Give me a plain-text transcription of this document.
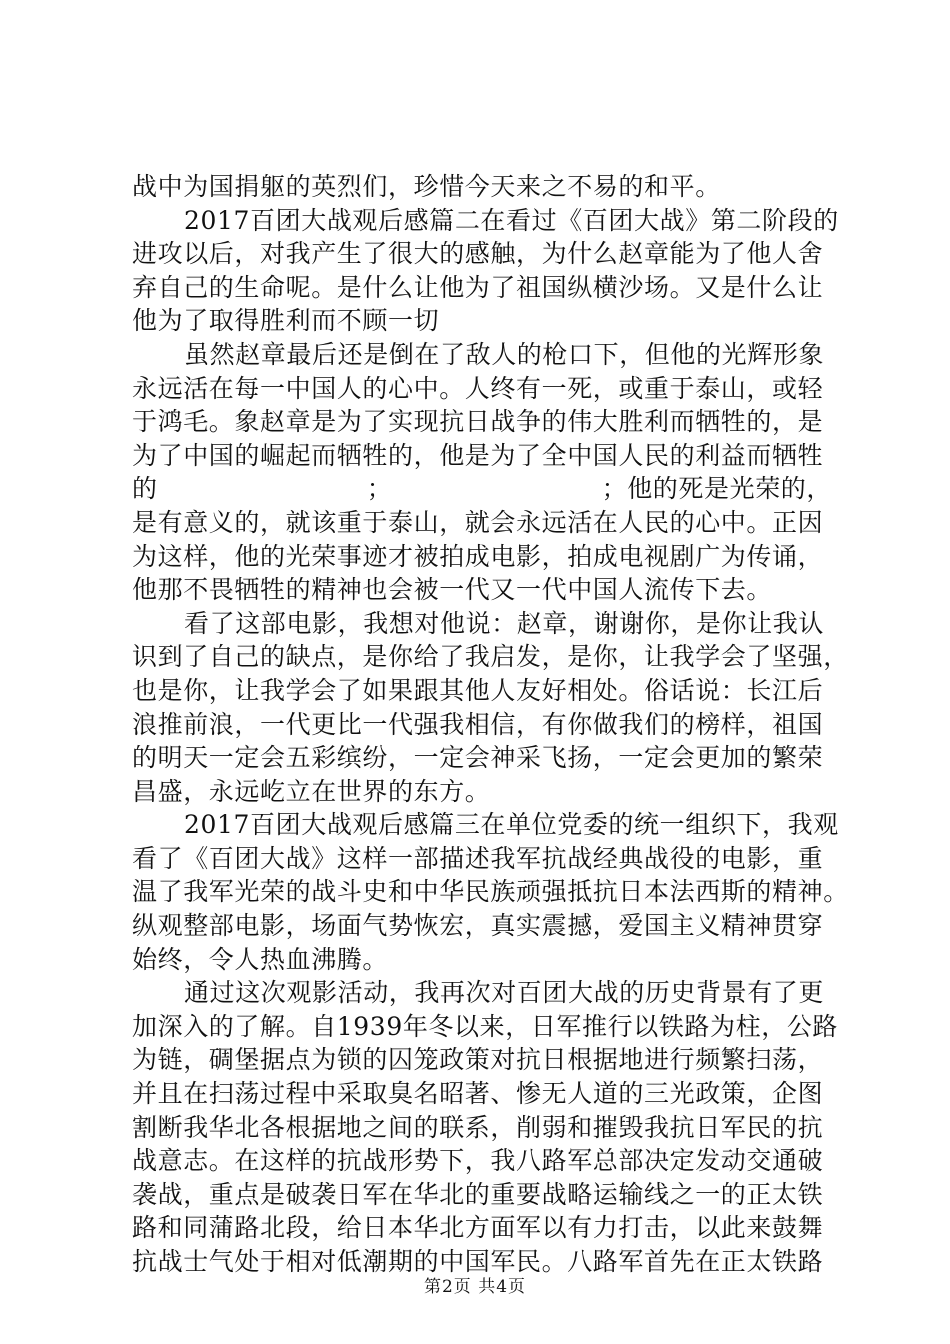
战中为国捐躯的英烈们，珍惜今天来之不易的和平。
2017百团大战观后感篇二在看过《百团大战》第二阶段的
进攻以后，对我产生了很大的感触，为什么赵章能为了他人舍
弃自己的生命呢。是什么让他为了祖国纵横沙场。又是什么让
他为了取得胜利而不顾一切
虽然赵章最后还是倒在了敌人的枪口下，但他的光辉形象
永远活在每一中国人的心中。人终有一死，或重于泰山，或轻
于鸿毛。象赵章是为了实现抗日战争的伟大胜利而牺牲的，是
为了中国的崛起而牺牲的，他是为了全中国人民的利益而牺牲
的	；	；他的死是光荣的，
是有意义的，就该重于泰山，就会永远活在人民的心中。正因
为这样，他的光荣事迹才被拍成电影，拍成电视剧广为传诵，
他那不畏牺牲的精神也会被一代又一代中国人流传下去。
看了这部电影，我想对他说：赵章，谢谢你，是你让我认
识到了自己的缺点，是你给了我启发，是你，让我学会了坚强，
也是你，让我学会了如果跟其他人友好相处。俗话说：长江后
浪推前浪，一代更比一代强我相信，有你做我们的榜样，祖国
的明天一定会五彩缤纷，一定会神采飞扬，一定会更加的繁荣
昌盛，永远屹立在世界的东方。
2017百团大战观后感篇三在单位党委的统一组织下，我观
看了《百团大战》这样一部描述我军抗战经典战役的电影，重
温了我军光荣的战斗史和中华民族顽强抵抗日本法西斯的精神。
纵观整部电影，场面气势恢宏，真实震撼，爱国主义精神贯穿
始终，令人热血沸腾。
通过这次观影活动，我再次对百团大战的历史背景有了更
加深入的了解。自1939年冬以来，日军推行以铁路为柱，公路
为链，碉堡据点为锁的囚笼政策对抗日根据地进行频繁扫荡，
并且在扫荡过程中采取臭名昭著、惨无人道的三光政策，企图
割断我华北各根据地之间的联系，削弱和摧毁我抗日军民的抗
战意志。在这样的抗战形势下，我八路军总部决定发动交通破
袭战，重点是破袭日军在华北的重要战略运输线之一的正太铁
路和同蒲路北段，给日本华北方面军以有力打击，以此来鼓舞
抗战士气处于相对低潮期的中国军民。八路军首先在正太铁路
第2页 共4页
